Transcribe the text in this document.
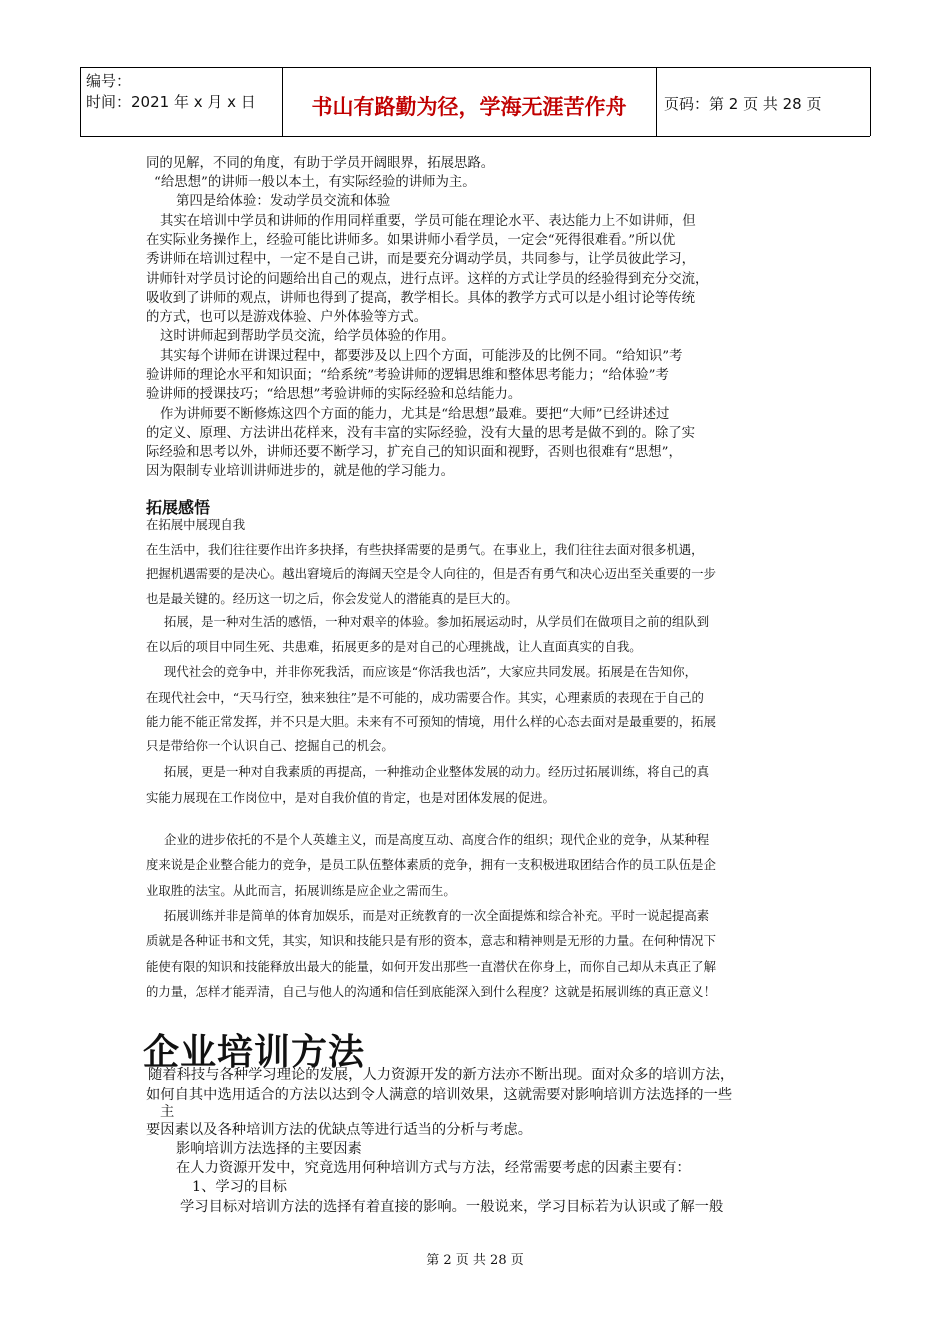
编号：
时间：2021 年 x 月 x 日	书山有路勤为径，学海无涯苦作舟	页码：第 2 页 共 28 页
同的见解，不同的角度，有助于学员开阔眼界，拓展思路。
“给思想”的讲师一般以本土，有实际经验的讲师为主。
第四是给体验：发动学员交流和体验
其实在培训中学员和讲师的作用同样重要，学员可能在理论水平、表达能力上不如讲师，但
在实际业务操作上，经验可能比讲师多。如果讲师小看学员，一定会“死得很难看。”所以优
秀讲师在培训过程中，一定不是自己讲，而是要充分调动学员，共同参与，让学员彼此学习，
讲师针对学员讨论的问题给出自己的观点，进行点评。这样的方式让学员的经验得到充分交流，
吸收到了讲师的观点，讲师也得到了提高，教学相长。具体的教学方式可以是小组讨论等传统
的方式，也可以是游戏体验、户外体验等方式。
这时讲师起到帮助学员交流，给学员体验的作用。
其实每个讲师在讲课过程中，都要涉及以上四个方面，可能涉及的比例不同。“给知识”考
验讲师的理论水平和知识面；“给系统”考验讲师的逻辑思维和整体思考能力；“给体验”考
验讲师的授课技巧；“给思想”考验讲师的实际经验和总结能力。
作为讲师要不断修炼这四个方面的能力，尤其是“给思想”最难。要把“大师”已经讲述过
的定义、原理、方法讲出花样来，没有丰富的实际经验，没有大量的思考是做不到的。除了实
际经验和思考以外，讲师还要不断学习，扩充自己的知识面和视野，否则也很难有“思想”，
因为限制专业培训讲师进步的，就是他的学习能力。
拓展感悟
在拓展中展现自我
在生活中，我们往往要作出许多抉择，有些抉择需要的是勇气。在事业上，我们往往去面对很多机遇，
把握机遇需要的是决心。越出窘境后的海阔天空是令人向往的，但是否有勇气和决心迈出至关重要的一步
也是最关键的。经历这一切之后，你会发觉人的潜能真的是巨大的。
拓展，是一种对生活的感悟，一种对艰辛的体验。参加拓展运动时，从学员们在做项目之前的组队到
在以后的项目中同生死、共患难，拓展更多的是对自己的心理挑战，让人直面真实的自我。
现代社会的竞争中，并非你死我活，而应该是“你活我也活”，大家应共同发展。拓展是在告知你，
在现代社会中，“天马行空，独来独往”是不可能的，成功需要合作。其实，心理素质的表现在于自己的
能力能不能正常发挥，并不只是大胆。未来有不可预知的情境，用什么样的心态去面对是最重要的，拓展
只是带给你一个认识自己、挖掘自己的机会。
拓展，更是一种对自我素质的再提高，一种推动企业整体发展的动力。经历过拓展训练，将自己的真
实能力展现在工作岗位中，是对自我价值的肯定，也是对团体发展的促进。
企业的进步依托的不是个人英雄主义，而是高度互动、高度合作的组织；现代企业的竞争，从某种程
度来说是企业整合能力的竞争，是员工队伍整体素质的竞争，拥有一支积极进取团结合作的员工队伍是企
业取胜的法宝。从此而言，拓展训练是应企业之需而生。
拓展训练并非是简单的体育加娱乐，而是对正统教育的一次全面提炼和综合补充。平时一说起提高素
质就是各种证书和文凭，其实，知识和技能只是有形的资本，意志和精神则是无形的力量。在何种情况下
能使有限的知识和技能释放出最大的能量，如何开发出那些一直潜伏在你身上，而你自己却从未真正了解
的力量，怎样才能弄清，自己与他人的沟通和信任到底能深入到什么程度？这就是拓展训练的真正意义！
企业培训方法
随着科技与各种学习理论的发展，人力资源开发的新方法亦不断出现。面对众多的培训方法，
如何自其中选用适合的方法以达到令人满意的培训效果，这就需要对影响培训方法选择的一些
主
要因素以及各种培训方法的优缺点等进行适当的分析与考虑。
影响培训方法选择的主要因素
在人力资源开发中，究竟选用何种培训方式与方法，经常需要考虑的因素主要有：
1、学习的目标
学习目标对培训方法的选择有着直接的影响。一般说来，学习目标若为认识或了解一般
第 2 页 共 28 页
